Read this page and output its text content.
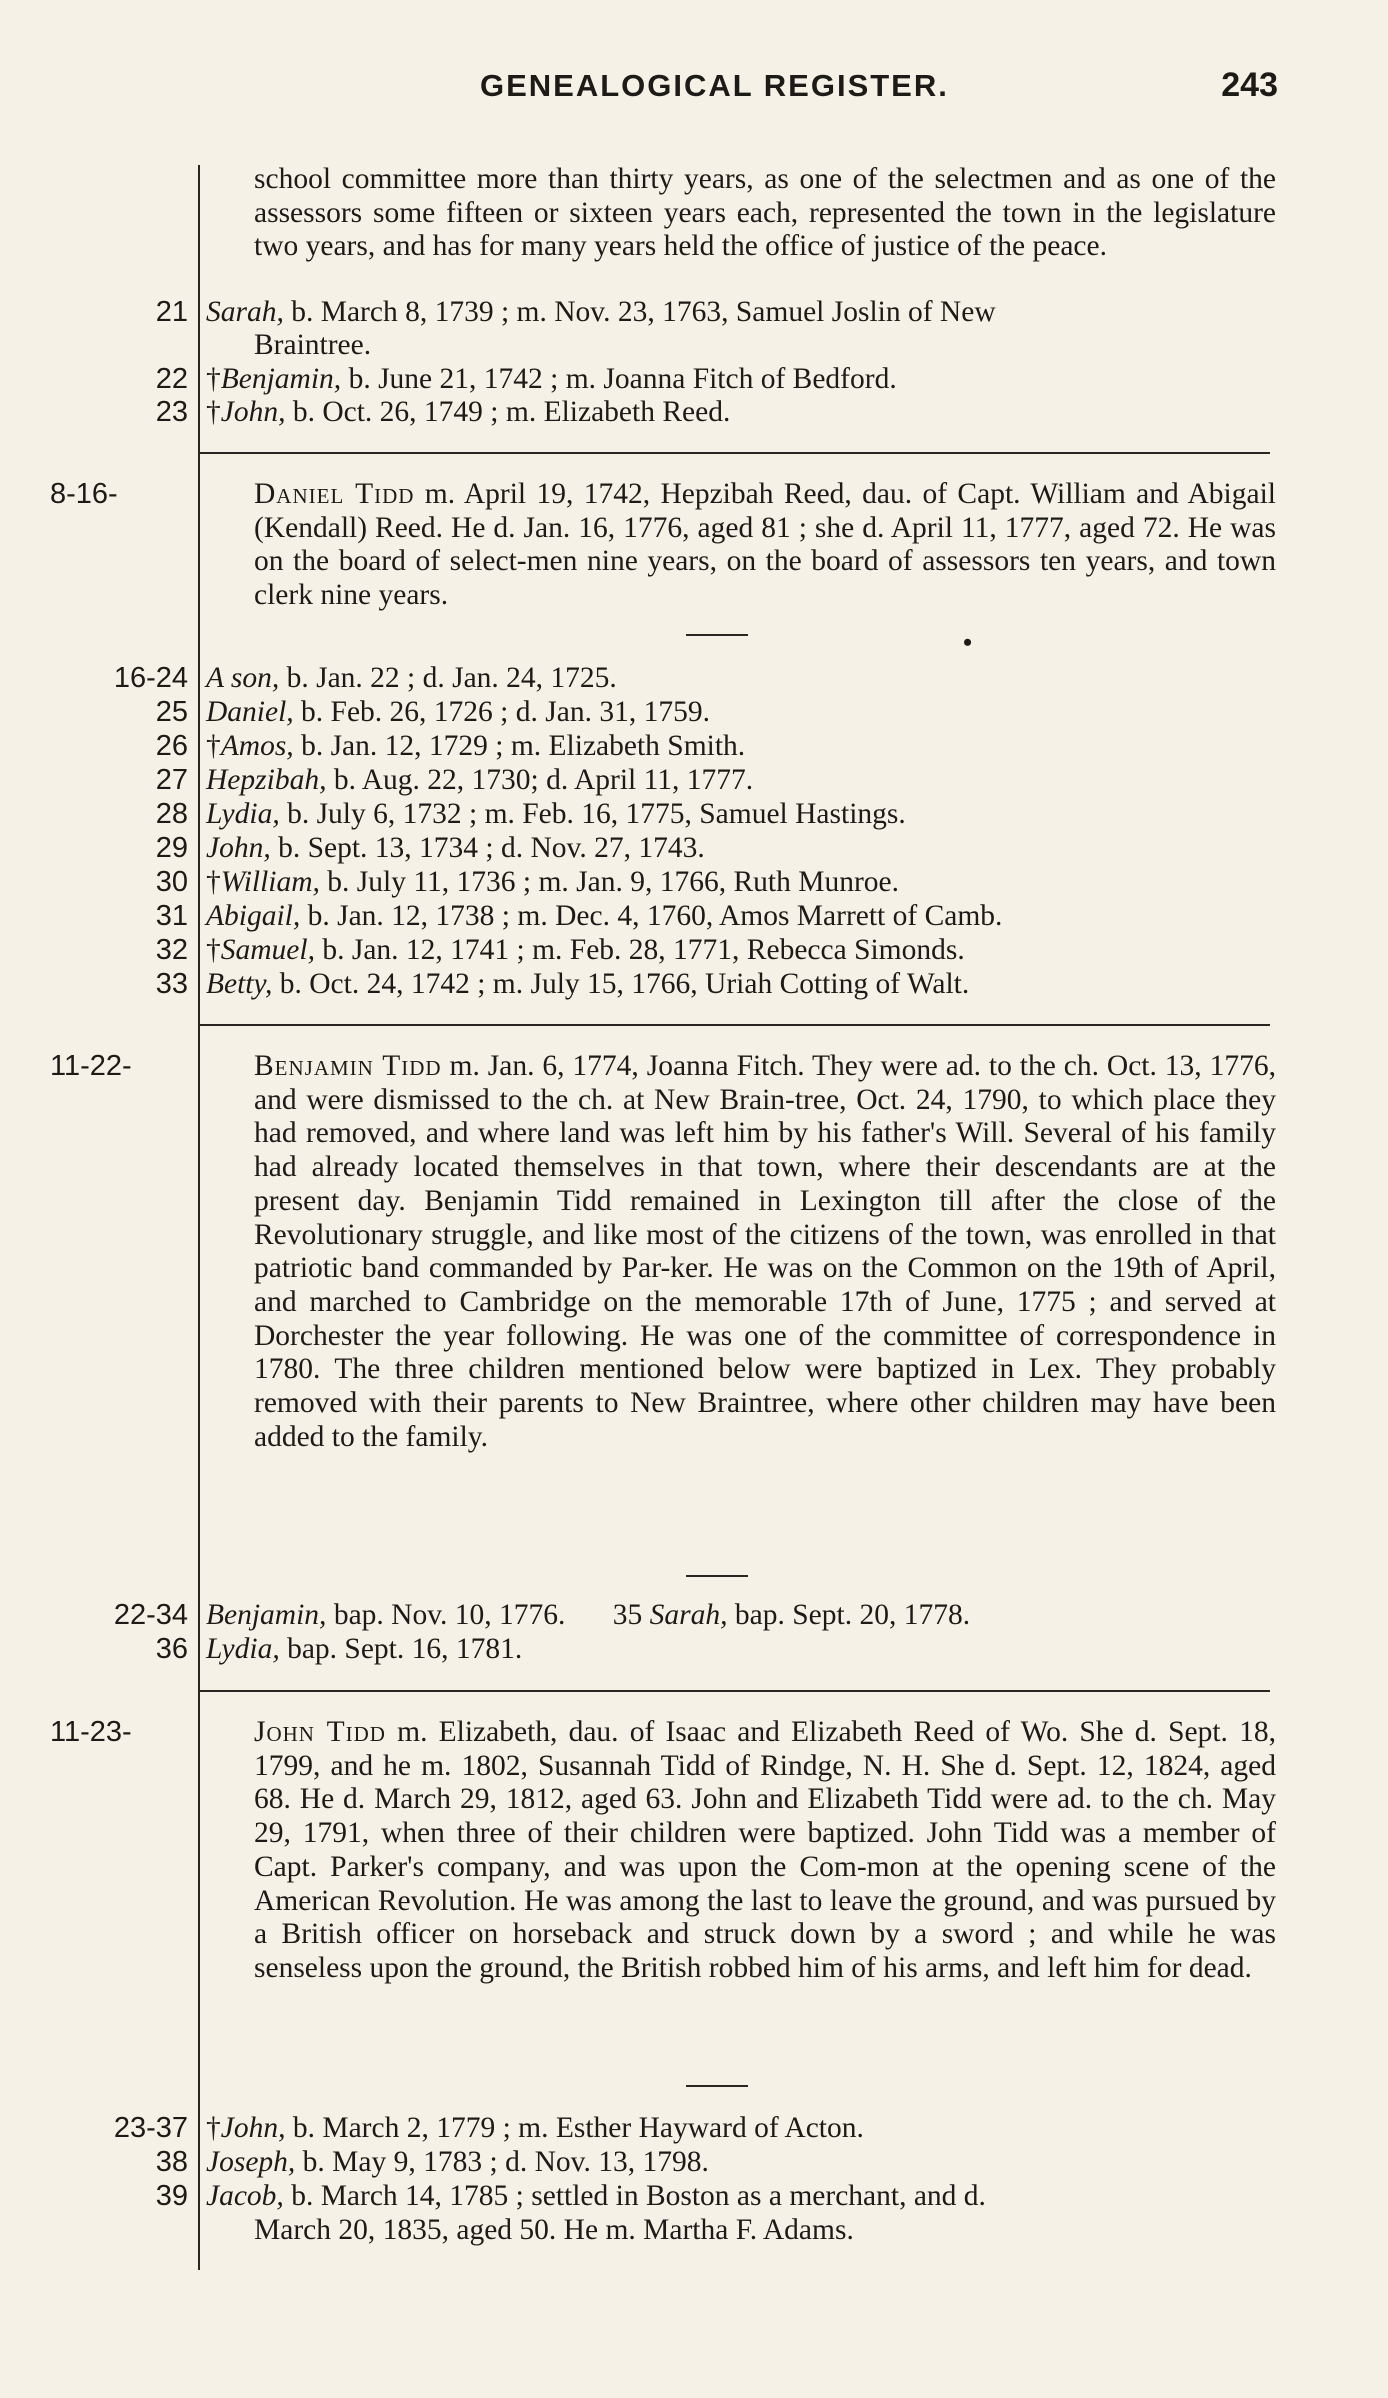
GENEALOGICAL REGISTER.	243
school committee more than thirty years, as one of the selectmen and as one of the assessors some fifteen or sixteen years each, represented the town in the legislature two years, and has for many years held the office of justice of the peace.
21 Sarah, b. March 8, 1739 ; m. Nov. 23, 1763, Samuel Joslin of New
Braintree.
22 †Benjamin, b. June 21, 1742 ; m. Joanna Fitch of Bedford.
23 †John, b. Oct. 26, 1749 ; m. Elizabeth Reed.
8-16-	Daniel Tidd m. April 19, 1742, Hepzibah Reed, dau. of Capt. William and Abigail (Kendall) Reed. He d. Jan. 16, 1776, aged 81 ; she d. April 11, 1777, aged 72. He was on the board of select-men nine years, on the board of assessors ten years, and town clerk nine years.
•
16-24 A son, b. Jan. 22 ; d. Jan. 24, 1725.
25 Daniel, b. Feb. 26, 1726 ; d. Jan. 31, 1759.
26 †Amos, b. Jan. 12, 1729 ; m. Elizabeth Smith.
27 Hepzibah, b. Aug. 22, 1730; d. April 11, 1777.
28 Lydia, b. July 6, 1732 ; m. Feb. 16, 1775, Samuel Hastings.
29 John, b. Sept. 13, 1734 ; d. Nov. 27, 1743.
30 †William, b. July 11, 1736 ; m. Jan. 9, 1766, Ruth Munroe.
31 Abigail, b. Jan. 12, 1738 ; m. Dec. 4, 1760, Amos Marrett of Camb.
32 †Samuel, b. Jan. 12, 1741 ; m. Feb. 28, 1771, Rebecca Simonds.
33 Betty, b. Oct. 24, 1742 ; m. July 15, 1766, Uriah Cotting of Walt.
11-22-	Benjamin Tidd m. Jan. 6, 1774, Joanna Fitch. They were ad. to the ch. Oct. 13, 1776, and were dismissed to the ch. at New Brain-tree, Oct. 24, 1790, to which place they had removed, and where land was left him by his father's Will. Several of his family had already located themselves in that town, where their descendants are at the present day. Benjamin Tidd remained in Lexington till after the close of the Revolutionary struggle, and like most of the citizens of the town, was enrolled in that patriotic band commanded by Par-ker. He was on the Common on the 19th of April, and marched to Cambridge on the memorable 17th of June, 1775 ; and served at Dorchester the year following. He was one of the committee of correspondence in 1780. The three children mentioned below were baptized in Lex. They probably removed with their parents to New Braintree, where other children may have been added to the family.
22-34 Benjamin, bap. Nov. 10, 1776. 35 Sarah, bap. Sept. 20, 1778.
36 Lydia, bap. Sept. 16, 1781.
11-23-	John Tidd m. Elizabeth, dau. of Isaac and Elizabeth Reed of Wo. She d. Sept. 18, 1799, and he m. 1802, Susannah Tidd of Rindge, N. H. She d. Sept. 12, 1824, aged 68. He d. March 29, 1812, aged 63. John and Elizabeth Tidd were ad. to the ch. May 29, 1791, when three of their children were baptized. John Tidd was a member of Capt. Parker's company, and was upon the Com-mon at the opening scene of the American Revolution. He was among the last to leave the ground, and was pursued by a British officer on horseback and struck down by a sword ; and while he was senseless upon the ground, the British robbed him of his arms, and left him for dead.
23-37 †John, b. March 2, 1779 ; m. Esther Hayward of Acton.
38 Joseph, b. May 9, 1783 ; d. Nov. 13, 1798.
39 Jacob, b. March 14, 1785 ; settled in Boston as a merchant, and d.
March 20, 1835, aged 50. He m. Martha F. Adams.
